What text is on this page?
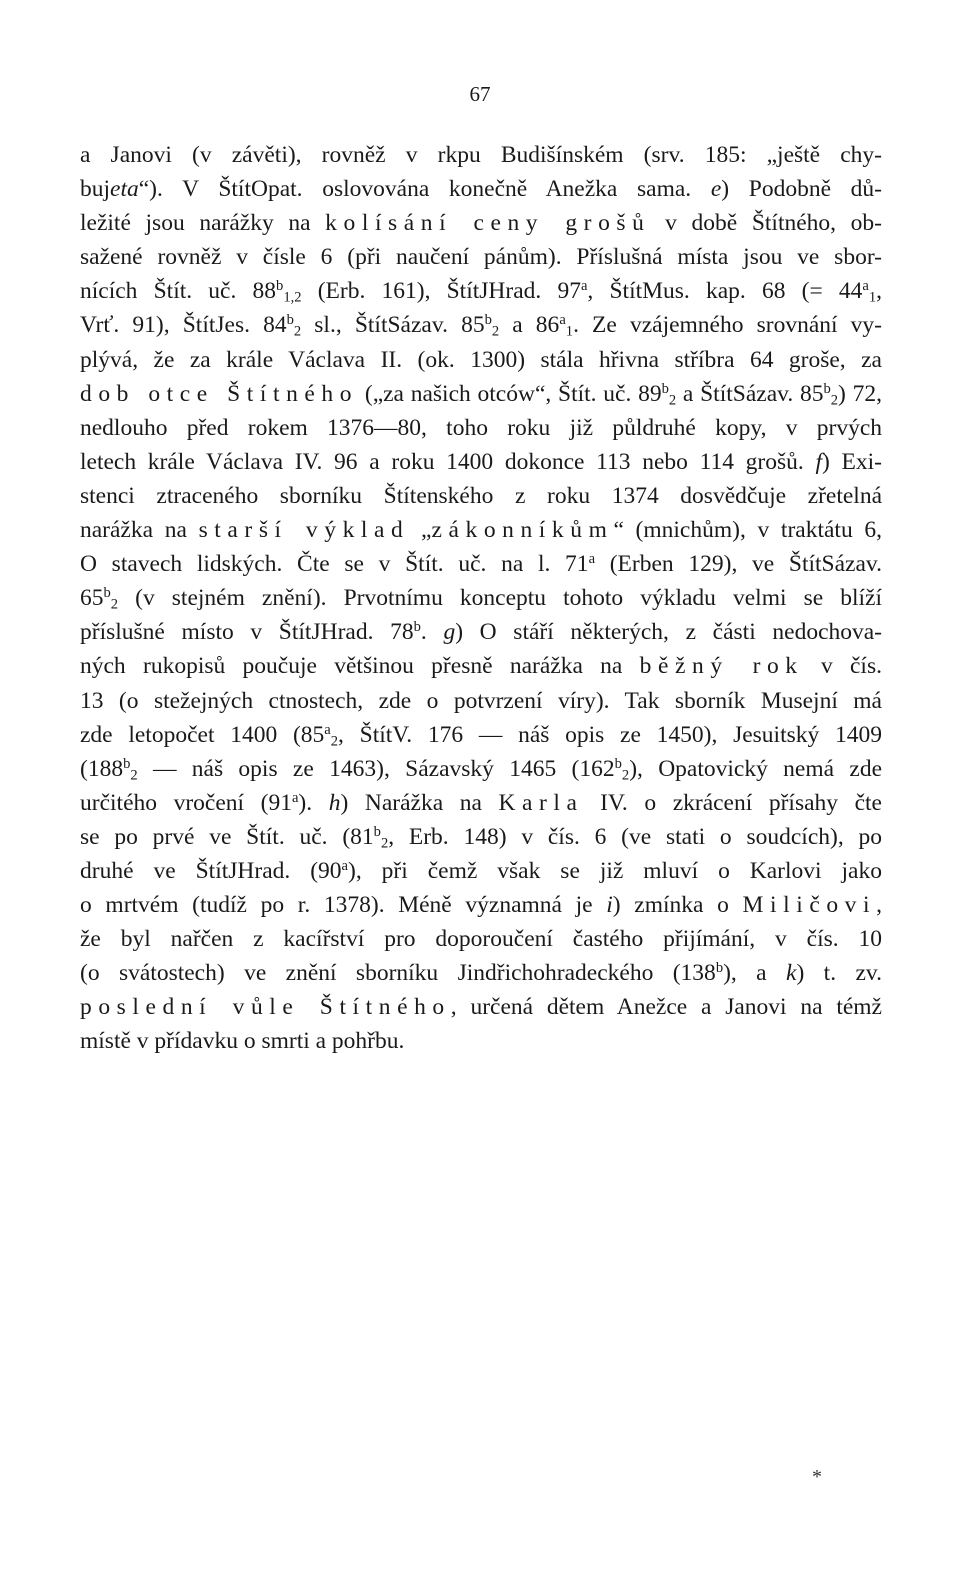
67
a Janovi (v závěti), rovněž v rkpu Budišínském (srv. 185: „ještě chy-
bujeta“). V ŠtítOpat. oslovována konečně Anežka sama. e) Podobně dů-
ležité jsou narážky na kolísání ceny grošů v době Štítného, ob-
sažené rovněž v čísle 6 (při naučení pánům). Příslušná místa jsou ve sbor-
nících Štít. uč. $88^b_{1,2}$ (Erb. 161), ŠtítJHrad. 97$^a$, ŠtítMus. kap. 68 (= $44^a_1$,
Vrť. 91), ŠtítJes. $84^b_2$ sl., ŠtítSázav. $85^b_2$ a $86^a_1$. Ze vzájemného srovnání vy-
plývá, že za krále Václava II. (ok. 1300) stála hřivna stříbra 64 groše, za
dob otce Štítného („za našich otców“, Štít. uč. $89^b_2$ a ŠtítSázav. $85^b_2$) 72,
nedlouho před rokem 1376—80, toho roku již půldruhé kopy, v prvých
letech krále Václava IV. 96 a roku 1400 dokonce 113 nebo 114 grošů. f) Exi-
stenci ztraceného sborníku Štítenského z roku 1374 dosvědčuje zřetelná
narážka na starší výklad „zákonníkům“ (mnichům), v traktátu 6,
O stavech lidských. Čte se v Štít. uč. na l. 71$^a$ (Erben 129), ve ŠtítSázav.
$65^b_2$ (v stejném znění). Prvotnímu konceptu tohoto výkladu velmi se blíží
příslušné místo v ŠtítJHrad. 78$^b$. g) O stáří některých, z části nedochova-
ných rukopisů poučuje většinou přesně narážka na běžný rok v čís.
13 (o stežejných ctnostech, zde o potvrzení víry). Tak sborník Musejní má
zde letopočet 1400 ($85^a_2$, ŠtítV. 176 — náš opis ze 1450), Jesuitský 1409
($188^b_2$ — náš opis ze 1463), Sázavský 1465 $(162^b_2)$, Opatovický nemá zde
určitého vročení (91$^a$). h) Narážka na Karla IV. o zkrácení přísahy čte
se po prvé ve Štít. uč. ($81^b_2$, Erb. 148) v čís. 6 (ve stati o soudcích), po
druhé ve ŠtítJHrad. (90$^a$), při čemž však se již mluví o Karlovi jako
o mrtvém (tudíž po r. 1378). Méně významná je i) zmínka o Miličovi,
že byl nařčen z kacířství pro doporoučení častého přijímání, v čís. 10
(o svátostech) ve znění sborníku Jindřichohradeckého (138$^b$), a k) t. zv.
poslední vůle Štítného, určená dětem Anežce a Janovi na témž
místě v přídavku o smrti a pohřbu.
*
